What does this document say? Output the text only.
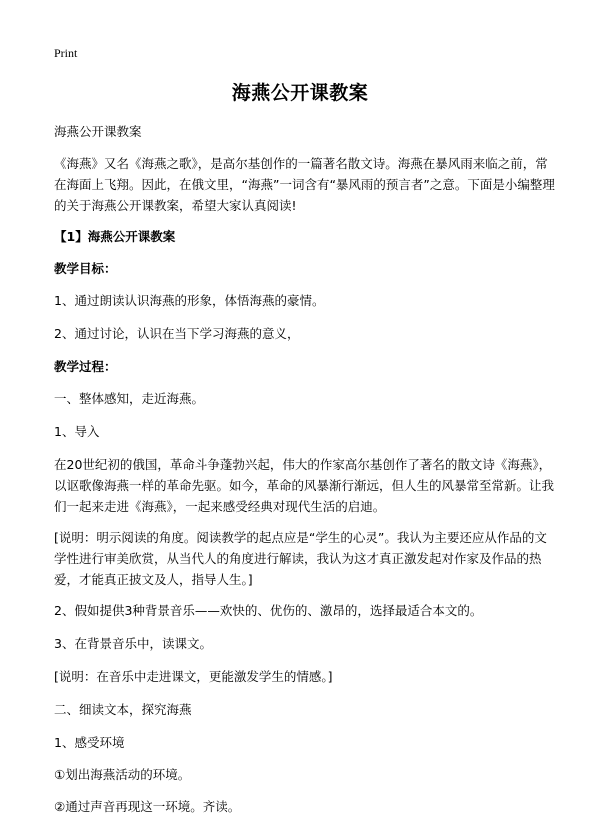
Print
海燕公开课教案

海燕公开课教案

《海燕》又名《海燕之歌》，是高尔基创作的一篇著名散文诗。海燕在暴风雨来临之前，常在海面上飞翔。因此，在俄文里，“海燕”一词含有“暴风雨的预言者”之意。下面是小编整理的关于海燕公开课教案，希望大家认真阅读!

【1】海燕公开课教案

教学目标：

1、通过朗读认识海燕的形象，体悟海燕的豪情。

2、通过讨论，认识在当下学习海燕的意义，

教学过程：

一、整体感知，走近海燕。

1、导入

在20世纪初的俄国，革命斗争蓬勃兴起，伟大的作家高尔基创作了著名的散文诗《海燕》，以讴歌像海燕一样的革命先驱。如今，革命的风暴渐行渐远，但人生的风暴常至常新。让我们一起来走进《海燕》，一起来感受经典对现代生活的启迪。

[说明：明示阅读的角度。阅读教学的起点应是“学生的心灵”。我认为主要还应从作品的文学性进行审美欣赏，从当代人的角度进行解读，我认为这才真正激发起对作家及作品的热爱，才能真正披文及人，指导人生。]

2、假如提供3种背景音乐——欢快的、优伤的、激昂的，选择最适合本文的。

3、在背景音乐中，读课文。

[说明：在音乐中走进课文，更能激发学生的情感。]

二、细读文本，探究海燕

1、感受环境

①划出海燕活动的环境。

②通过声音再现这一环境。齐读。
